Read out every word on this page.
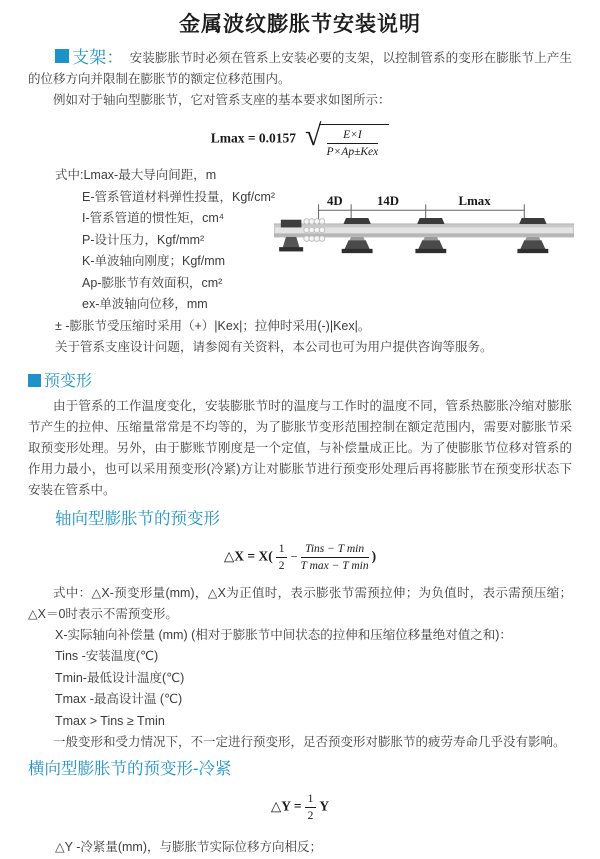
金属波纹膨胀节安装说明

支架： 安装膨胀节时必须在管系上安装必要的支架，以控制管系的变形在膨胀节上产生的位移方向并限制在膨胀节的额定位移范围内。

例如对于轴向型膨胀节，它对管系支座的基本要求如图所示：

Lmax = 0.0157 √ $\frac{E\times I}{\text{P×Ap±Kex}}$
式中:Lmax-最大导向间距，m
E-管系管道材料弹性投量，Kgf/cm²
I-管系管道的惯性矩，cm⁴
P-设计压力，Kgf/mm²
K-单波轴向刚度；Kgf/mm
Ap-膨胀节有效面积，cm²
ex-单波轴向位移，mm
4D 14D	Lmax
± -膨胀节受压缩时采用（+）|Kex|；拉伸时采用(-)|Kex|。
关于管系支座设计问题，请参阅有关资料，本公司也可为用户提供咨询等服务。
预变形

由于管系的工作温度变化，安装膨胀节时的温度与工作时的温度不同，管系热膨胀冷缩对膨胀节产生的拉伸、压缩量常常是不均等的，为了膨胀节变形范围控制在额定范围内，需要对膨胀节采取预变形处理。另外，由于膨账节刚度是一个定值，与补偿量成正比。为了使膨胀节位移对管系的作用力最小，也可以采用预变形(冷紧)方让对膨胀节进行预变形处理后再将膨胀节在预变形状态下安装在管系中。

轴向型膨胀节的预变形
△X = $X( \frac{1}{2} - \frac{\text{Tins − T min}}{\text{T max − T min}}$ )

式中：△X-预变形量(mm)，△X为正值时，表示膨张节需预拉伸；为负值时，表示需预压缩；△X＝0时表示不需预变形。

X-实际轴向补偿量 (mm) (相对于膨胀节中间状态的拉伸和压缩位移量绝对值之和)：
Tins -安装温度(℃)
Tmin-最低设计温度(℃)
Tmax -最高设计温 (℃)
Tmax > Tins ≥ Tmin

一般变形和受力情况下，不一定进行预变形，足否预变形对膨胀节的疲劳寿命几乎没有影响。

横向型膨胀节的预变形-冷紧
△Y = $\frac{1}{2}$ Y
△Y -冷紧量(mm)，与膨胀节实际位移方向相反；
